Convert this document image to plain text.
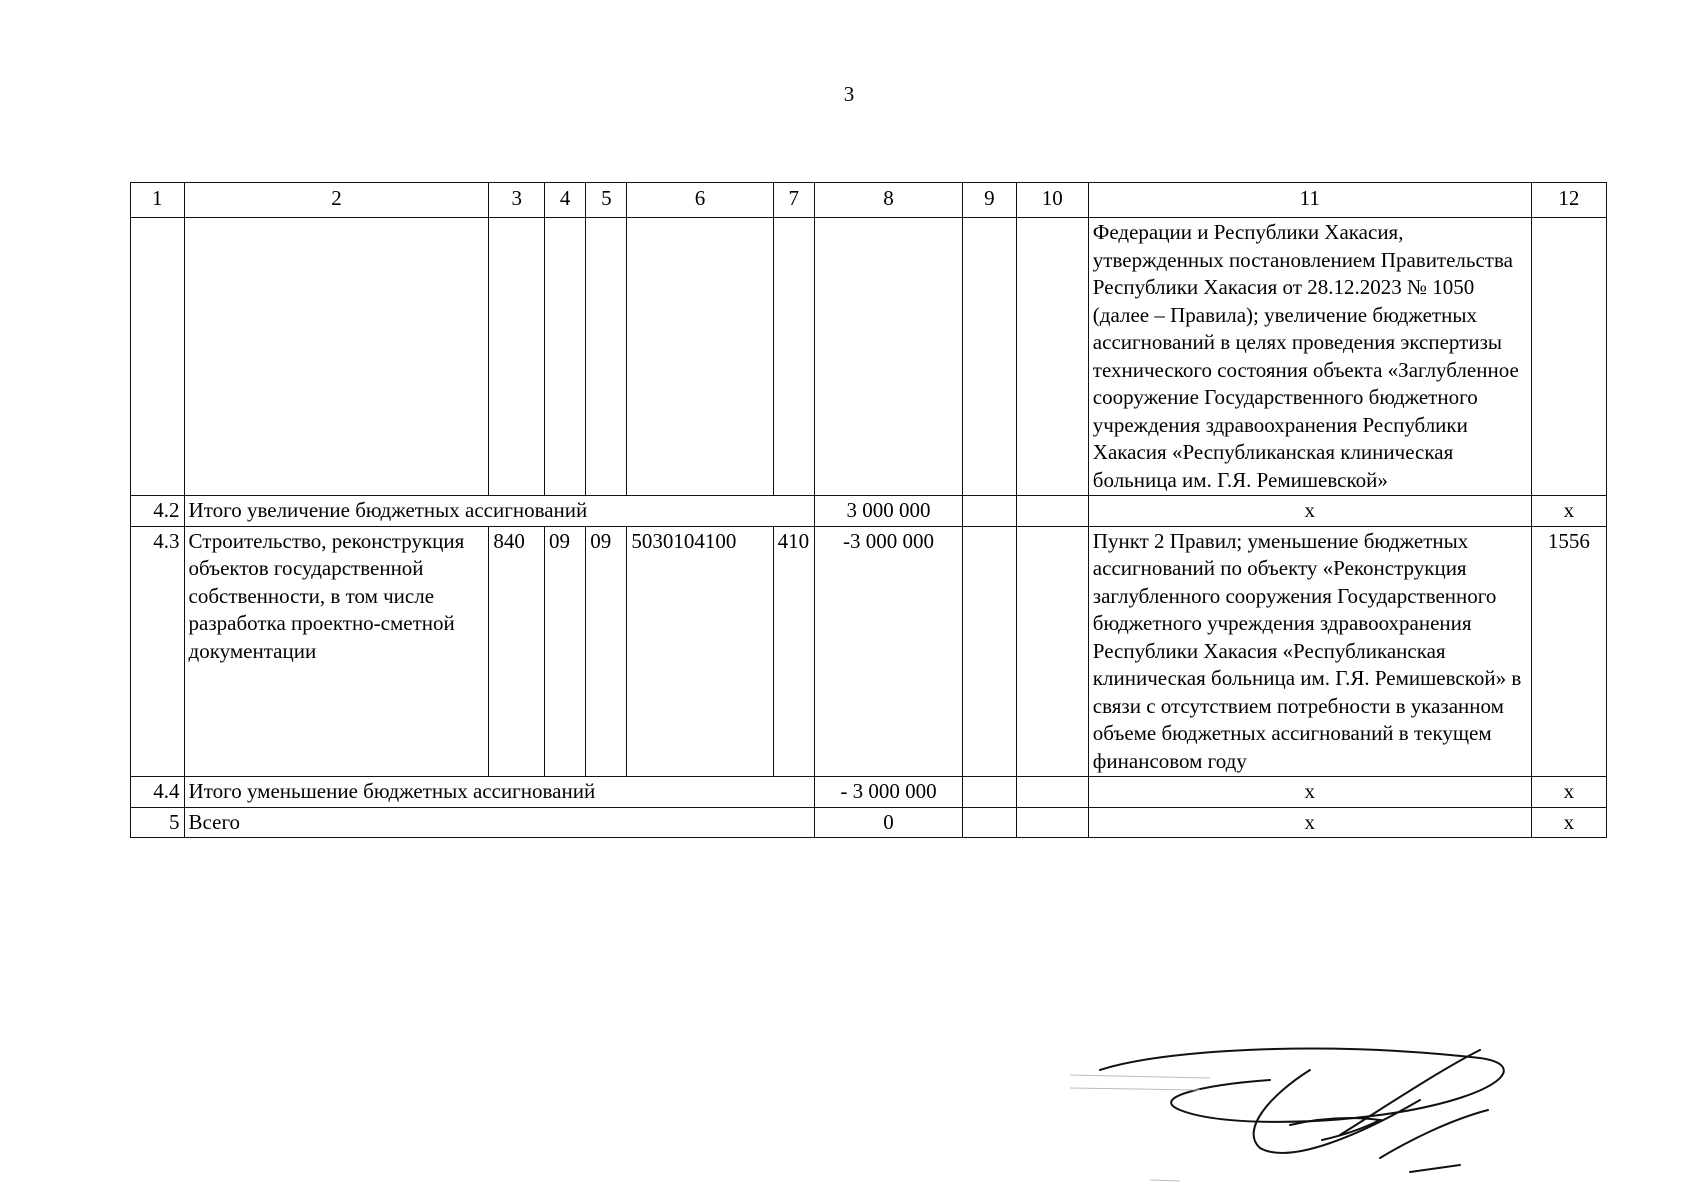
3
1	2	3	4	5	6	7	8	9	10	11	12
										Федерации и Республики Хакасия, утвержденных постановлением Правительства Республики Хакасия от 28.12.2023 № 1050 (далее – Правила); увеличение бюджетных ассигнований в целях проведения экспертизы технического состояния объекта «Заглубленное сооружение Государственного бюджетного учреждения здравоохранения Республики Хакасия «Республиканская клиническая больница им. Г.Я. Ремишевской»	
4.2	Итого увеличение бюджетных ассигнований						3 000 000			х	х
4.3	Строительство, реконструкция объектов государственной собственности, в том числе разработка проектно-сметной документации	840	09	09	5030104100	410	-3 000 000			Пункт 2 Правил; уменьшение бюджетных ассигнований по объекту «Реконструкция заглубленного сооружения Государственного бюджетного учреждения здравоохранения Республики Хакасия «Республиканская клиническая больница им. Г.Я. Ремишевской» в связи с отсутствием потребности в указанном объеме бюджетных ассигнований в текущем финансовом году	1556
4.4	Итого уменьшение бюджетных ассигнований						- 3 000 000			х	х
5	Всего						0			х	х
